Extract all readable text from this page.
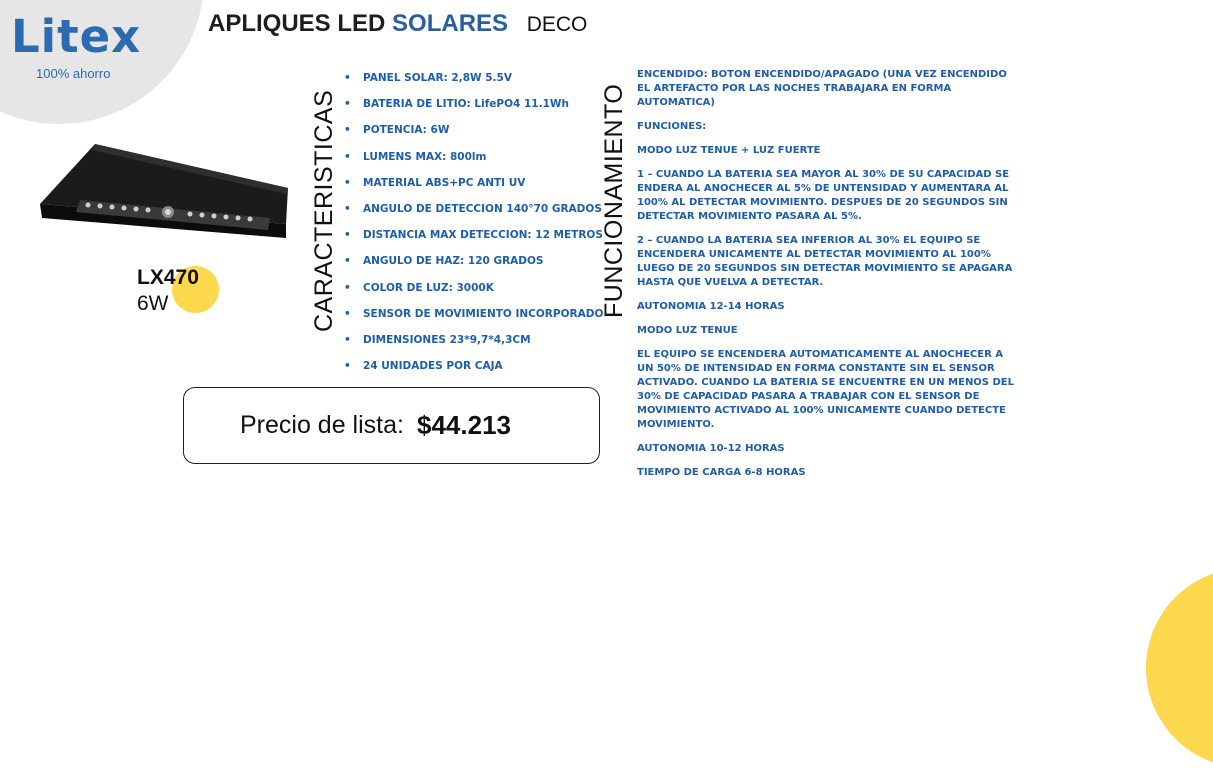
Litex
100% ahorro
APLIQUES LED SOLARES DECO
LX470
6W	CARACTERISTICAS
• PANEL SOLAR: 2,8W 5.5V
• BATERIA DE LITIO: LifePO4 11.1Wh
• POTENCIA: 6W
• LUMENS MAX: 800lm
• MATERIAL ABS+PC ANTI UV
• ANGULO DE DETECCION 140°70 GRADOS
• DISTANCIA MAX DETECCION: 12 METROS
• ANGULO DE HAZ: 120 GRADOS
• COLOR DE LUZ: 3000K
• SENSOR DE MOVIMIENTO INCORPORADO
• DIMENSIONES 23*9,7*4,3CM
• 24 UNIDADES POR CAJA
Precio de lista: $44.213
FUNCIONAMIENTO

ENCENDIDO: BOTON ENCENDIDO/APAGADO (UNA VEZ ENCENDIDO EL ARTEFACTO POR LAS NOCHES TRABAJARA EN FORMA AUTOMATICA)

FUNCIONES:

MODO LUZ TENUE + LUZ FUERTE

1 – CUANDO LA BATERIA SEA MAYOR AL 30% DE SU CAPACIDAD SE ENDERA AL ANOCHECER AL 5% DE UNTENSIDAD Y AUMENTARA AL 100% AL DETECTAR MOVIMIENTO. DESPUES DE 20 SEGUNDOS SIN DETECTAR MOVIMIENTO PASARA AL 5%.

2 – CUANDO LA BATERIA SEA INFERIOR AL 30% EL EQUIPO SE ENCENDERA UNICAMENTE AL DETECTAR MOVIMIENTO AL 100% LUEGO DE 20 SEGUNDOS SIN DETECTAR MOVIMIENTO SE APAGARA HASTA QUE VUELVA A DETECTAR.

AUTONOMIA 12-14 HORAS

MODO LUZ TENUE

EL EQUIPO SE ENCENDERA AUTOMATICAMENTE AL ANOCHECER A UN 50% DE INTENSIDAD EN FORMA CONSTANTE SIN EL SENSOR ACTIVADO. CUANDO LA BATERIA SE ENCUENTRE EN UN MENOS DEL 30% DE CAPACIDAD PASARA A TRABAJAR CON EL SENSOR DE MOVIMIENTO ACTIVADO AL 100% UNICAMENTE CUANDO DETECTE MOVIMIENTO.

AUTONOMIA 10-12 HORAS

TIEMPO DE CARGA 6-8 HORAS
